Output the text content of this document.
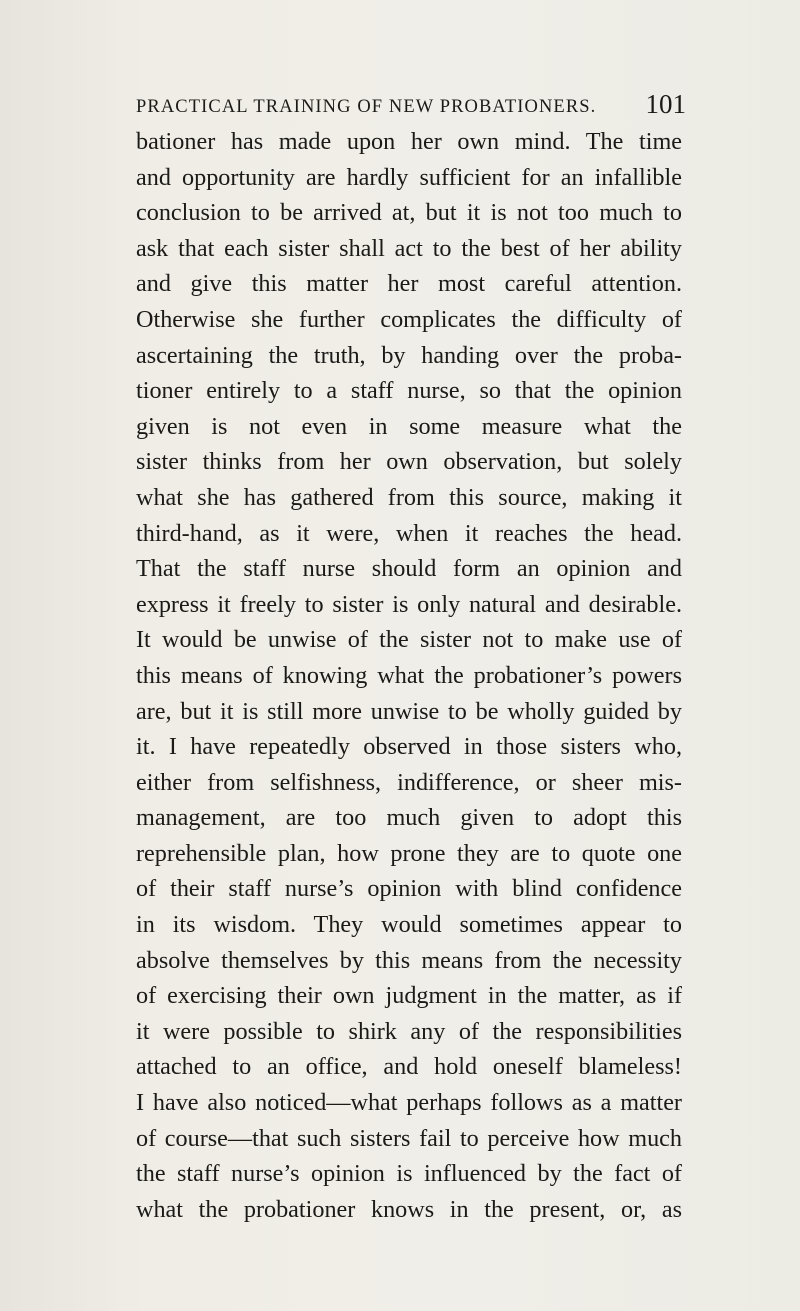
PRACTICAL TRAINING OF NEW PROBATIONERS. 101
bationer has made upon her own mind. The time
and opportunity are hardly sufficient for an infallible
conclusion to be arrived at, but it is not too much to
ask that each sister shall act to the best of her ability
and give this matter her most careful attention.
Otherwise she further complicates the difficulty of
ascertaining the truth, by handing over the proba-
tioner entirely to a staff nurse, so that the opinion
given is not even in some measure what the
sister thinks from her own observation, but solely
what she has gathered from this source, making it
third-hand, as it were, when it reaches the head.
That the staff nurse should form an opinion and
express it freely to sister is only natural and desirable.
It would be unwise of the sister not to make use of
this means of knowing what the probationer’s powers
are, but it is still more unwise to be wholly guided by
it. I have repeatedly observed in those sisters who,
either from selfishness, indifference, or sheer mis-
management, are too much given to adopt this
reprehensible plan, how prone they are to quote one
of their staff nurse’s opinion with blind confidence
in its wisdom. They would sometimes appear to
absolve themselves by this means from the necessity
of exercising their own judgment in the matter, as if
it were possible to shirk any of the responsibilities
attached to an office, and hold oneself blameless!
I have also noticed—what perhaps follows as a matter
of course—that such sisters fail to perceive how much
the staff nurse’s opinion is influenced by the fact of
what the probationer knows in the present, or, as
